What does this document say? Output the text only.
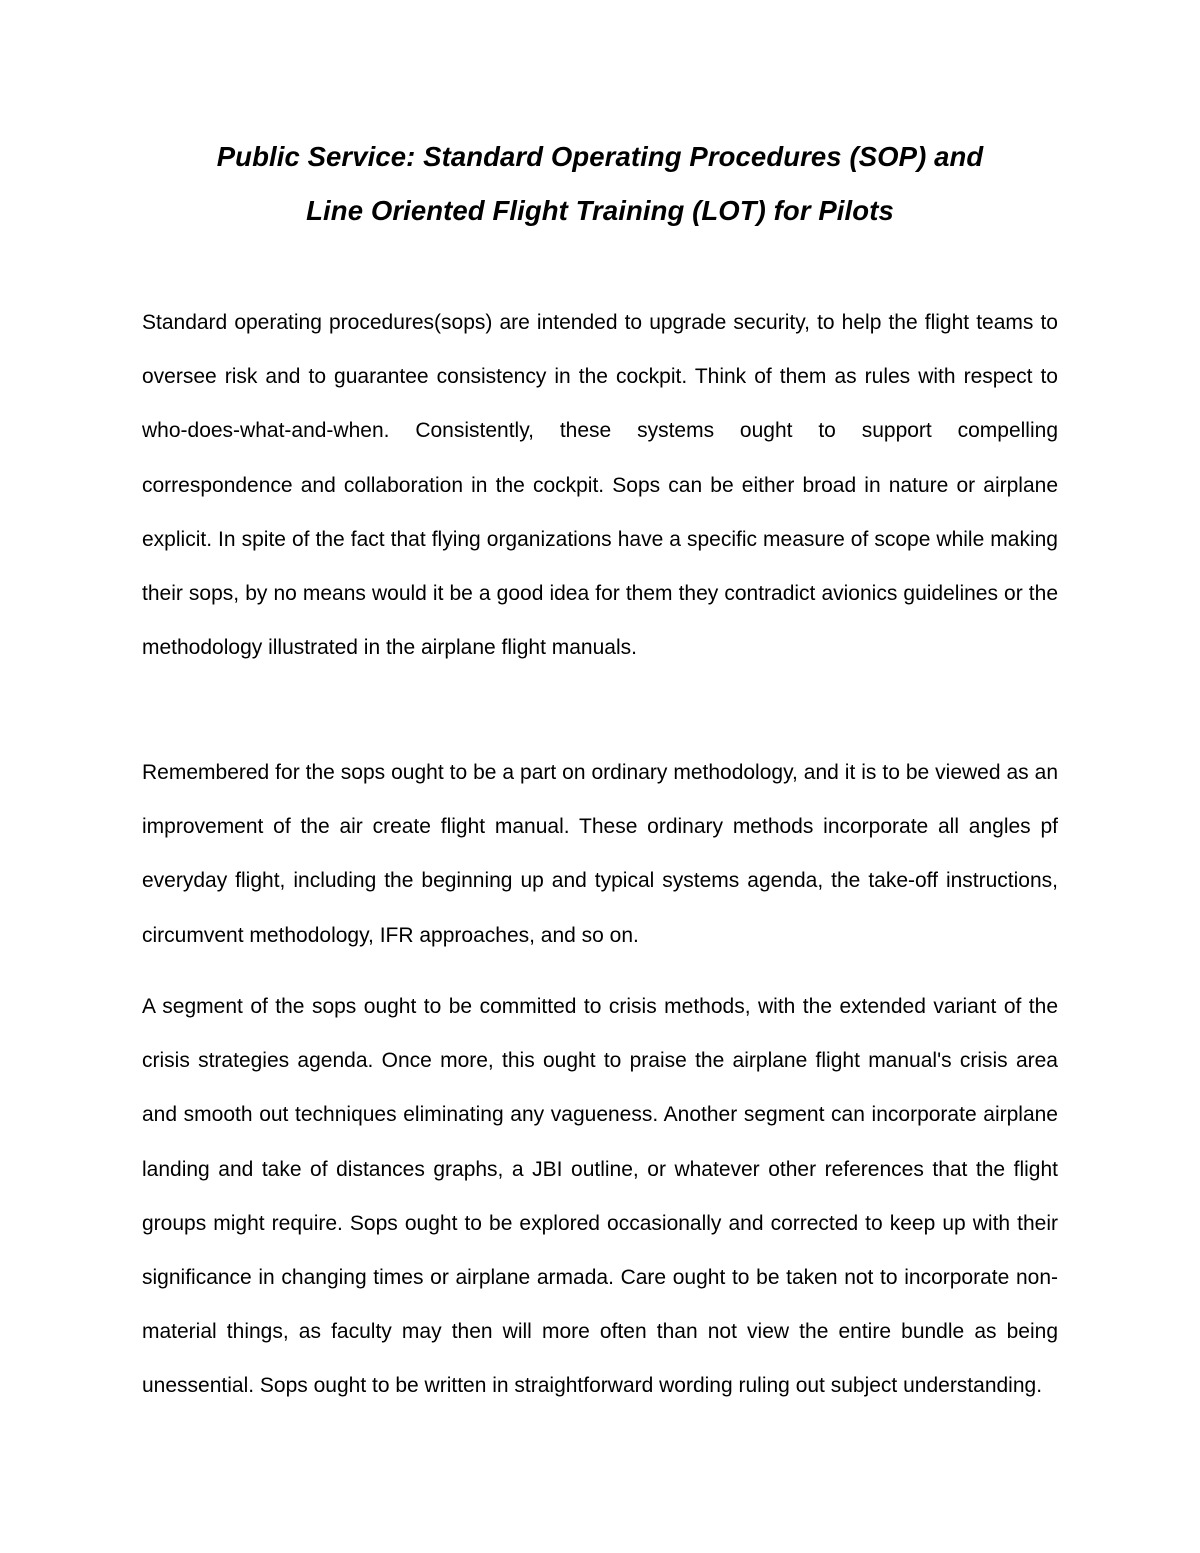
Public Service: Standard Operating Procedures (SOP) and
Line Oriented Flight Training (LOT) for Pilots

Standard operating procedures(sops) are intended to upgrade security, to help the flight teams to oversee risk and to guarantee consistency in the cockpit. Think of them as rules with respect to who-does-what-and-when. Consistently, these systems ought to support compelling correspondence and collaboration in the cockpit. Sops can be either broad in nature or airplane explicit. In spite of the fact that flying organizations have a specific measure of scope while making their sops, by no means would it be a good idea for them they contradict avionics guidelines or the methodology illustrated in the airplane flight manuals.

Remembered for the sops ought to be a part on ordinary methodology, and it is to be viewed as an improvement of the air create flight manual. These ordinary methods incorporate all angles pf everyday flight, including the beginning up and typical systems agenda, the take-off instructions, circumvent methodology, IFR approaches, and so on.

A segment of the sops ought to be committed to crisis methods, with the extended variant of the crisis strategies agenda. Once more, this ought to praise the airplane flight manual's crisis area and smooth out techniques eliminating any vagueness. Another segment can incorporate airplane landing and take of distances graphs, a JBI outline, or whatever other references that the flight groups might require. Sops ought to be explored occasionally and corrected to keep up with their significance in changing times or airplane armada. Care ought to be taken not to incorporate non-material things, as faculty may then will more often than not view the entire bundle as being unessential. Sops ought to be written in straightforward wording ruling out subject understanding.
